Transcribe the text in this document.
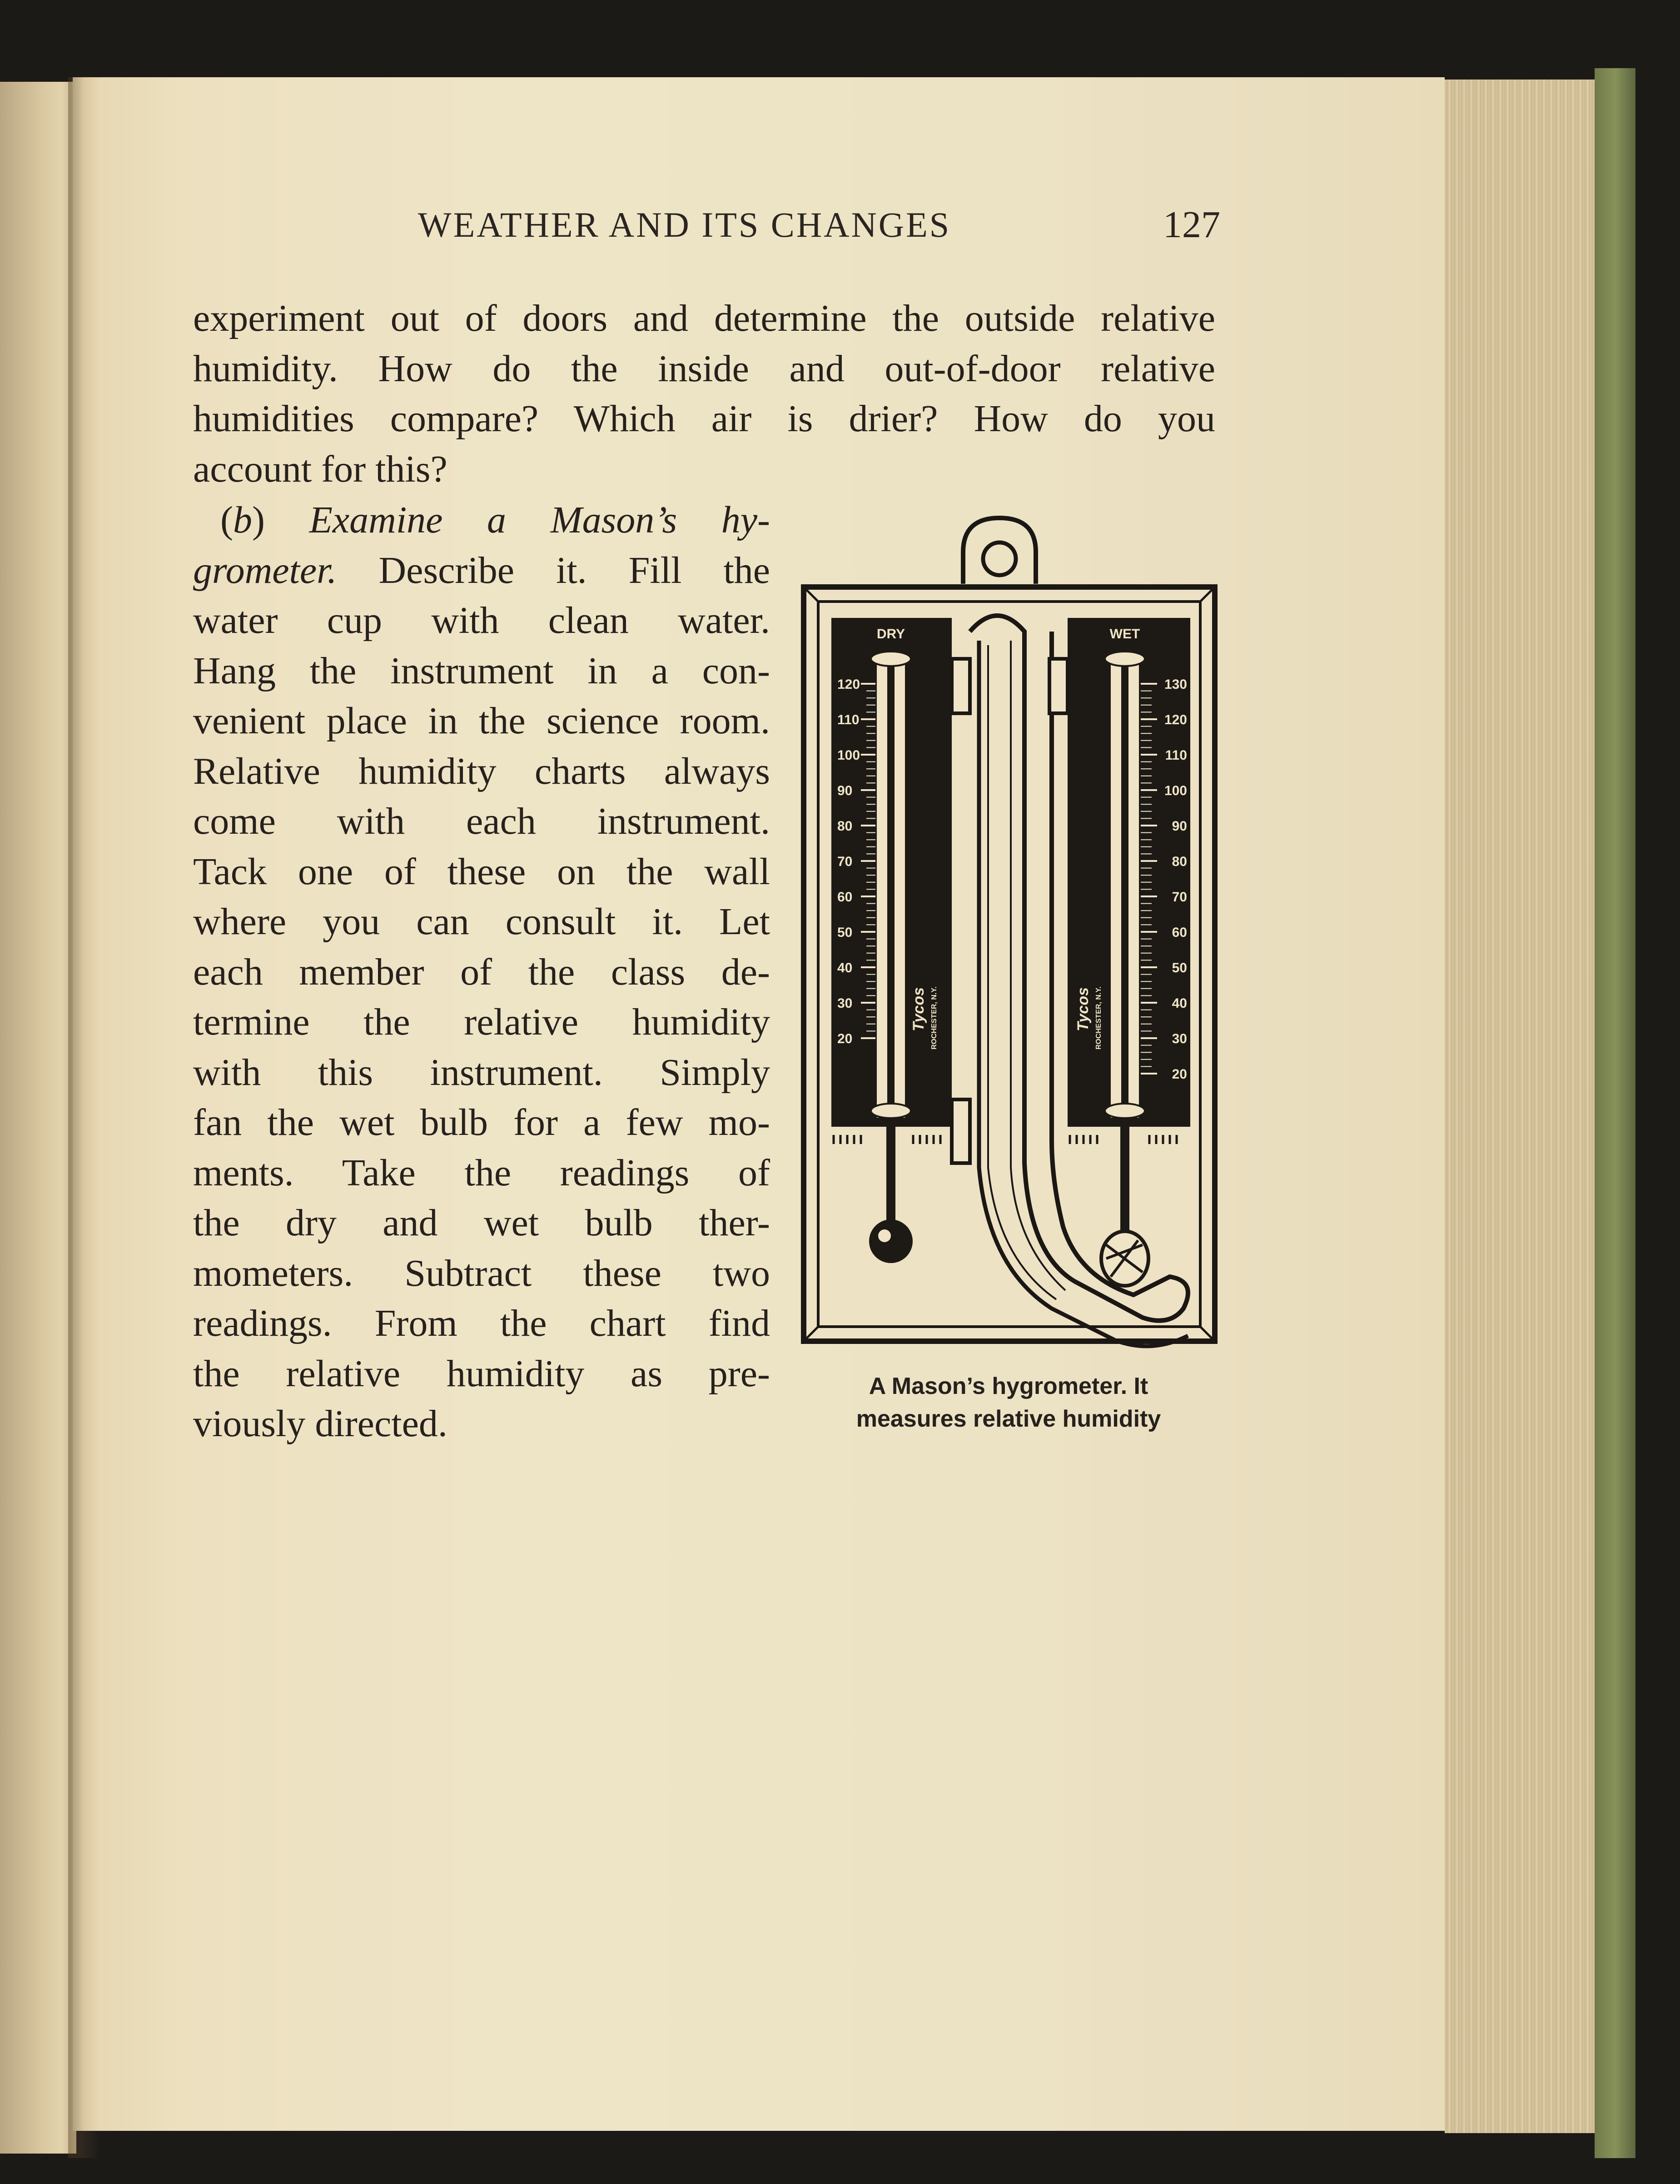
WEATHER AND ITS CHANGES	127
experiment out of doors and determine the outside relative
humidity. How do the inside and out-of-door relative
humidities compare? Which air is drier? How do you
account for this?
(b) Examine a Mason’s hy-
grometer. Describe it. Fill the
water cup with clean water.
Hang the instrument in a con-
venient place in the science room.
Relative humidity charts always
come with each instrument.
Tack one of these on the wall
where you can consult it. Let
each member of the class de-
termine the relative humidity
with this instrument. Simply
fan the wet bulb for a few mo-
ments. Take the readings of
the dry and wet bulb ther-
mometers. Subtract these two
readings. From the chart find
the relative humidity as pre-
viously directed.
DRY	WET
120
110
100
90
80
70
60
50
40
30
20
130
120
110
100
90
80
70
60
50
40
30
20
Tycos ROCHESTER, N.Y.	Tycos ROCHESTER, N.Y.
A Mason’s hygrometer. It
measures relative humidity
